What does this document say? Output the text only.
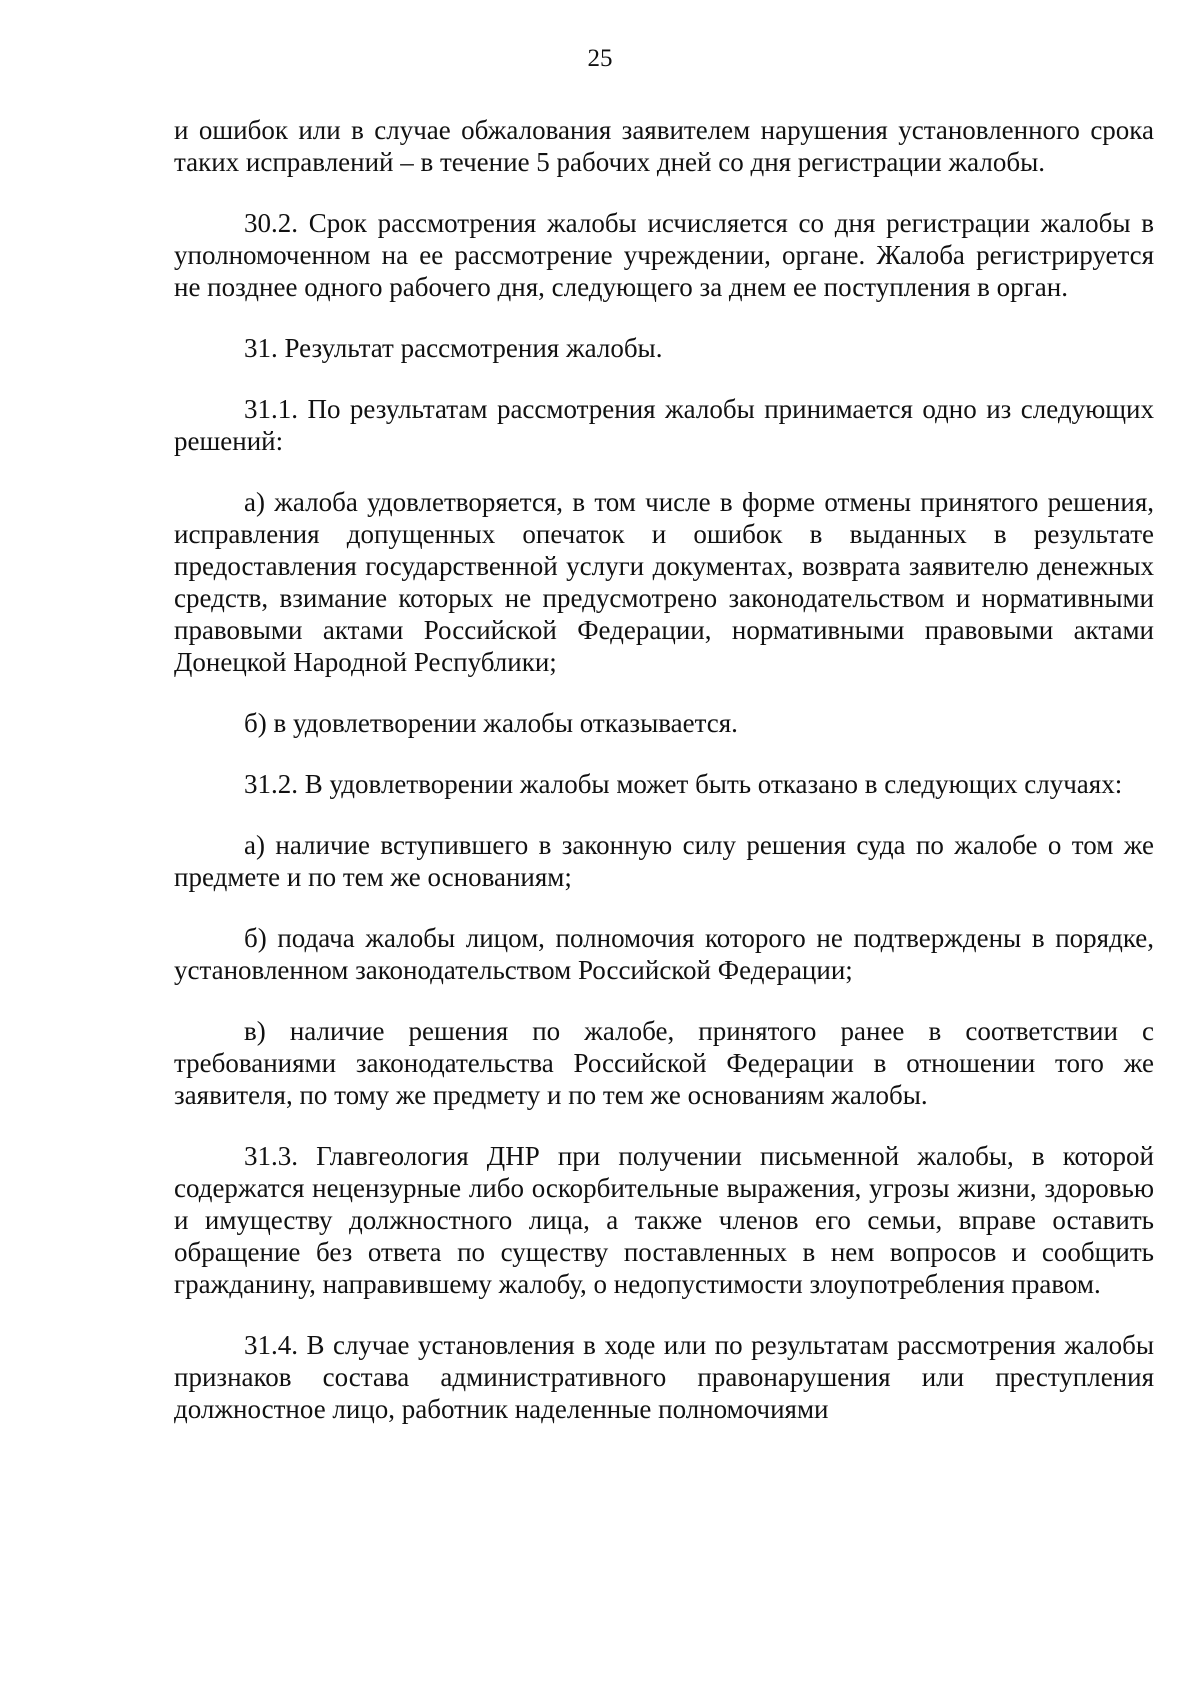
25

и ошибок или в случае обжалования заявителем нарушения установленного срока таких исправлений – в течение 5 рабочих дней со дня регистрации жалобы.

30.2. Срок рассмотрения жалобы исчисляется со дня регистрации жалобы в уполномоченном на ее рассмотрение учреждении, органе. Жалоба регистрируется не позднее одного рабочего дня, следующего за днем ее поступления в орган.

31. Результат рассмотрения жалобы.

31.1. По результатам рассмотрения жалобы принимается одно из следующих решений:

а) жалоба удовлетворяется, в том числе в форме отмены принятого решения, исправления допущенных опечаток и ошибок в выданных в результате предоставления государственной услуги документах, возврата заявителю денежных средств, взимание которых не предусмотрено законодательством и нормативными правовыми актами Российской Федерации, нормативными правовыми актами Донецкой Народной Республики;

б) в удовлетворении жалобы отказывается.

31.2. В удовлетворении жалобы может быть отказано в следующих случаях:

а) наличие вступившего в законную силу решения суда по жалобе о том же предмете и по тем же основаниям;

б) подача жалобы лицом, полномочия которого не подтверждены в порядке, установленном законодательством Российской Федерации;

в) наличие решения по жалобе, принятого ранее в соответствии с требованиями законодательства Российской Федерации в отношении того же заявителя, по тому же предмету и по тем же основаниям жалобы.

31.3. Главгеология ДНР при получении письменной жалобы, в которой содержатся нецензурные либо оскорбительные выражения, угрозы жизни, здоровью и имуществу должностного лица, а также членов его семьи, вправе оставить обращение без ответа по существу поставленных в нем вопросов и сообщить гражданину, направившему жалобу, о недопустимости злоупотребления правом.

31.4. В случае установления в ходе или по результатам рассмотрения жалобы признаков состава административного правонарушения или преступления должностное лицо, работник наделенные полномочиями
